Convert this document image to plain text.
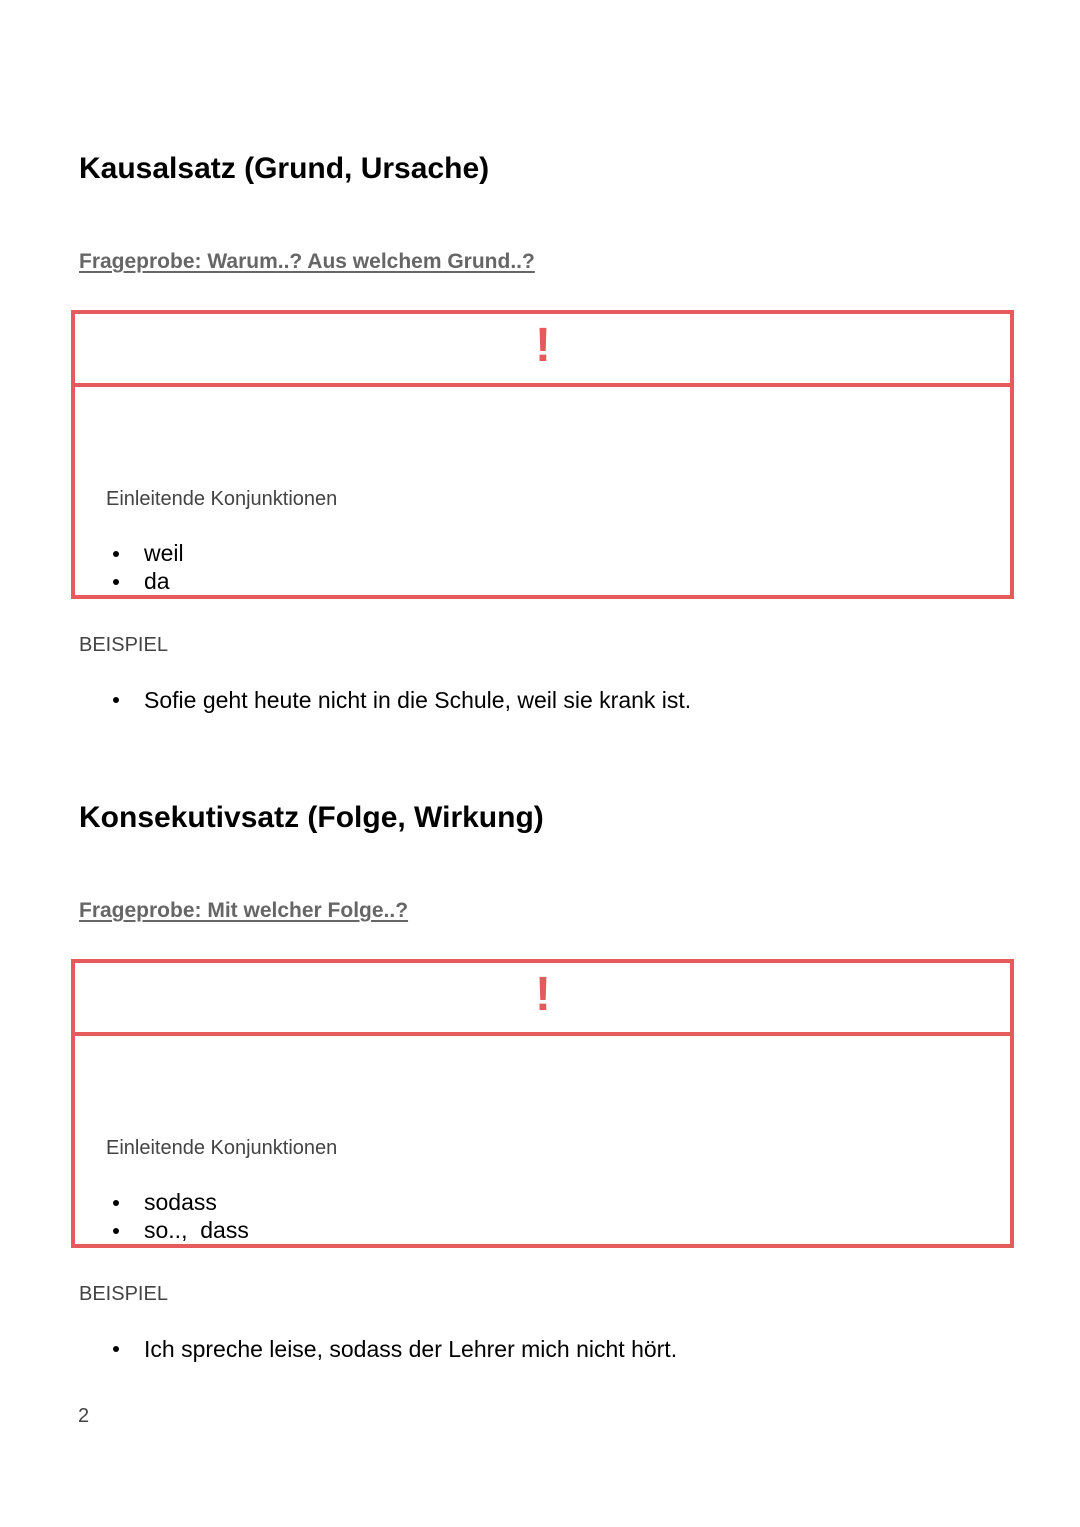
Kausalsatz (Grund, Ursache)

Frageprobe: Warum..? Aus welchem Grund..?

!
Einleitende Konjunktionen
weil
da

BEISPIEL

Sofie geht heute nicht in die Schule, weil sie krank ist.
Konsekutivsatz (Folge, Wirkung)

Frageprobe: Mit welcher Folge..?

!
Einleitende Konjunktionen
sodass
so..,  dass

BEISPIEL

Ich spreche leise, sodass der Lehrer mich nicht hört.
2
